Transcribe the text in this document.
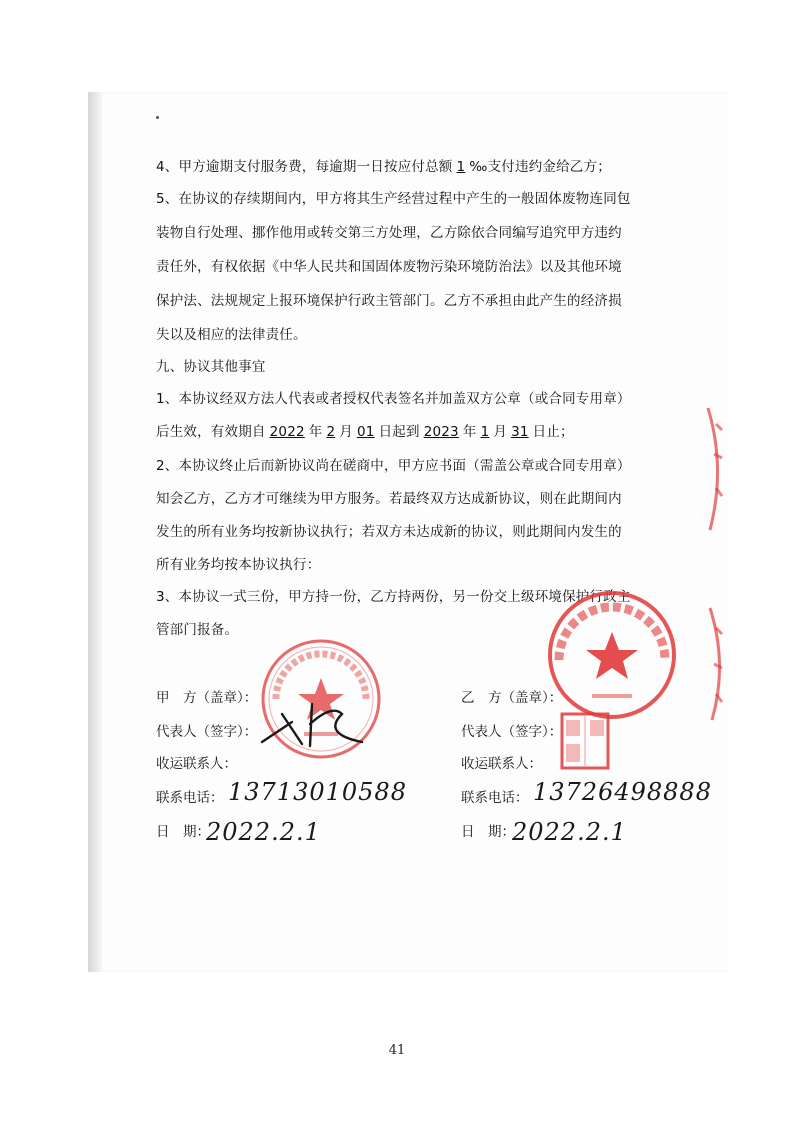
4、甲方逾期支付服务费，每逾期一日按应付总额 1 ‰支付违约金给乙方；
5、在协议的存续期间内，甲方将其生产经营过程中产生的一般固体废物连同包
装物自行处理、挪作他用或转交第三方处理，乙方除依合同编写追究甲方违约
责任外，有权依据《中华人民共和国固体废物污染环境防治法》以及其他环境
保护法、法规规定上报环境保护行政主管部门。乙方不承担由此产生的经济损
失以及相应的法律责任。
九、协议其他事宜
1、本协议经双方法人代表或者授权代表签名并加盖双方公章（或合同专用章）
后生效，有效期自 2022 年 2 月 01 日起到 2023 年 1 月 31 日止；
2、本协议终止后而新协议尚在磋商中，甲方应书面（需盖公章或合同专用章）
知会乙方，乙方才可继续为甲方服务。若最终双方达成新协议，则在此期间内
发生的所有业务均按新协议执行；若双方未达成新的协议，则此期间内发生的
所有业务均按本协议执行：
3、本协议一式三份，甲方持一份，乙方持两份，另一份交上级环境保护行政主
管部门报备。
甲　方（盖章）：
代表人（签字）：
收运联系人：
联系电话： 13713010588
日　期：
2022.2.1
乙　方（盖章）：
代表人（签字）：
收运联系人：
联系电话： 13726498888
日　期：
2022.2.1
41
